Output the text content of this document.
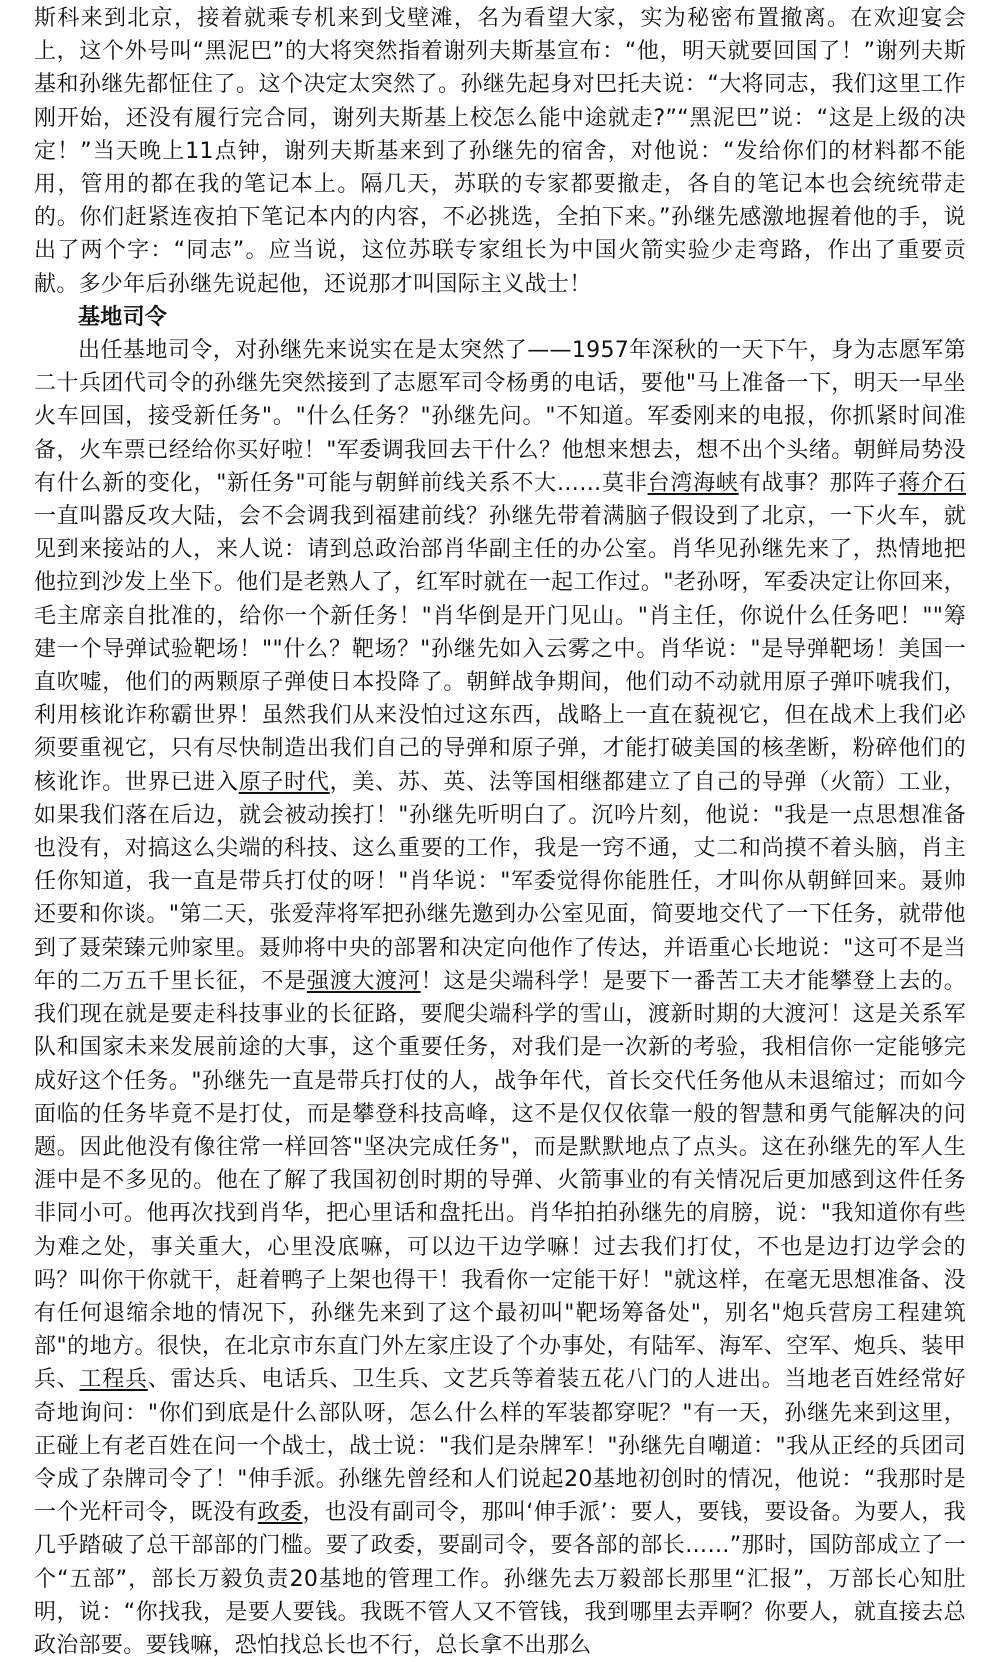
斯科来到北京，接着就乘专机来到戈壁滩，名为看望大家，实为秘密布置撤离。在欢迎宴会上，这个外号叫“黑泥巴”的大将突然指着谢列夫斯基宣布：“他，明天就要回国了！”谢列夫斯基和孙继先都怔住了。这个决定太突然了。孙继先起身对巴托夫说：“大将同志，我们这里工作刚开始，还没有履行完合同，谢列夫斯基上校怎么能中途就走?”“黑泥巴”说：“这是上级的决定！”当天晚上11点钟，谢列夫斯基来到了孙继先的宿舍，对他说：“发给你们的材料都不能用，管用的都在我的笔记本上。隔几天，苏联的专家都要撤走，各自的笔记本也会统统带走的。你们赶紧连夜拍下笔记本内的内容，不必挑选，全拍下来。”孙继先感激地握着他的手，说出了两个字：“同志”。应当说，这位苏联专家组长为中国火箭实验少走弯路，作出了重要贡献。多少年后孙继先说起他，还说那才叫国际主义战士！

基地司令

出任基地司令，对孙继先来说实在是太突然了——1957年深秋的一天下午，身为志愿军第二十兵团代司令的孙继先突然接到了志愿军司令杨勇的电话，要他"马上准备一下，明天一早坐火车回国，接受新任务"。"什么任务？"孙继先问。"不知道。军委刚来的电报，你抓紧时间准备，火车票已经给你买好啦！"军委调我回去干什么？他想来想去，想不出个头绪。朝鲜局势没有什么新的变化，"新任务"可能与朝鲜前线关系不大……莫非台湾海峡有战事？那阵子蒋介石一直叫嚣反攻大陆，会不会调我到福建前线？孙继先带着满脑子假设到了北京，一下火车，就见到来接站的人，来人说：请到总政治部肖华副主任的办公室。肖华见孙继先来了，热情地把他拉到沙发上坐下。他们是老熟人了，红军时就在一起工作过。"老孙呀，军委决定让你回来，毛主席亲自批准的，给你一个新任务！"肖华倒是开门见山。"肖主任，你说什么任务吧！""筹建一个导弹试验靶场！""什么？靶场？"孙继先如入云雾之中。肖华说："是导弹靶场！美国一直吹嘘，他们的两颗原子弹使日本投降了。朝鲜战争期间，他们动不动就用原子弹吓唬我们，利用核讹诈称霸世界！虽然我们从来没怕过这东西，战略上一直在藐视它，但在战术上我们必须要重视它，只有尽快制造出我们自己的导弹和原子弹，才能打破美国的核垄断，粉碎他们的核讹诈。世界已进入原子时代，美、苏、英、法等国相继都建立了自己的导弹（火箭）工业，如果我们落在后边，就会被动挨打！"孙继先听明白了。沉吟片刻，他说："我是一点思想准备也没有，对搞这么尖端的科技、这么重要的工作，我是一窍不通，丈二和尚摸不着头脑，肖主任你知道，我一直是带兵打仗的呀！"肖华说："军委觉得你能胜任，才叫你从朝鲜回来。聂帅还要和你谈。"第二天，张爱萍将军把孙继先邀到办公室见面，简要地交代了一下任务，就带他到了聂荣臻元帅家里。聂帅将中央的部署和决定向他作了传达，并语重心长地说："这可不是当年的二万五千里长征，不是强渡大渡河！这是尖端科学！是要下一番苦工夫才能攀登上去的。我们现在就是要走科技事业的长征路，要爬尖端科学的雪山，渡新时期的大渡河！这是关系军队和国家未来发展前途的大事，这个重要任务，对我们是一次新的考验，我相信你一定能够完成好这个任务。"孙继先一直是带兵打仗的人，战争年代，首长交代任务他从未退缩过；而如今面临的任务毕竟不是打仗，而是攀登科技高峰，这不是仅仅依靠一般的智慧和勇气能解决的问题。因此他没有像往常一样回答"坚决完成任务"，而是默默地点了点头。这在孙继先的军人生涯中是不多见的。他在了解了我国初创时期的导弹、火箭事业的有关情况后更加感到这件任务非同小可。他再次找到肖华，把心里话和盘托出。肖华拍拍孙继先的肩膀，说："我知道你有些为难之处，事关重大，心里没底嘛，可以边干边学嘛！过去我们打仗，不也是边打边学会的吗？叫你干你就干，赶着鸭子上架也得干！我看你一定能干好！"就这样，在毫无思想准备、没有任何退缩余地的情况下，孙继先来到了这个最初叫"靶场筹备处"，别名"炮兵营房工程建筑部"的地方。很快，在北京市东直门外左家庄设了个办事处，有陆军、海军、空军、炮兵、装甲兵、工程兵、雷达兵、电话兵、卫生兵、文艺兵等着装五花八门的人进出。当地老百姓经常好奇地询问："你们到底是什么部队呀，怎么什么样的军装都穿呢？"有一天，孙继先来到这里，正碰上有老百姓在问一个战士，战士说："我们是杂牌军！"孙继先自嘲道："我从正经的兵团司令成了杂牌司令了！"伸手派。孙继先曾经和人们说起20基地初创时的情况，他说：“我那时是一个光杆司令，既没有政委，也没有副司令，那叫‘伸手派’：要人，要钱，要设备。为要人，我几乎踏破了总干部部的门槛。要了政委，要副司令，要各部的部长……”那时，国防部成立了一个“五部”，部长万毅负责20基地的管理工作。孙继先去万毅部长那里“汇报”，万部长心知肚明，说：“你找我，是要人要钱。我既不管人又不管钱，我到哪里去弄啊？你要人，就直接去总政治部要。要钱嘛，恐怕找总长也不行，总长拿不出那么
